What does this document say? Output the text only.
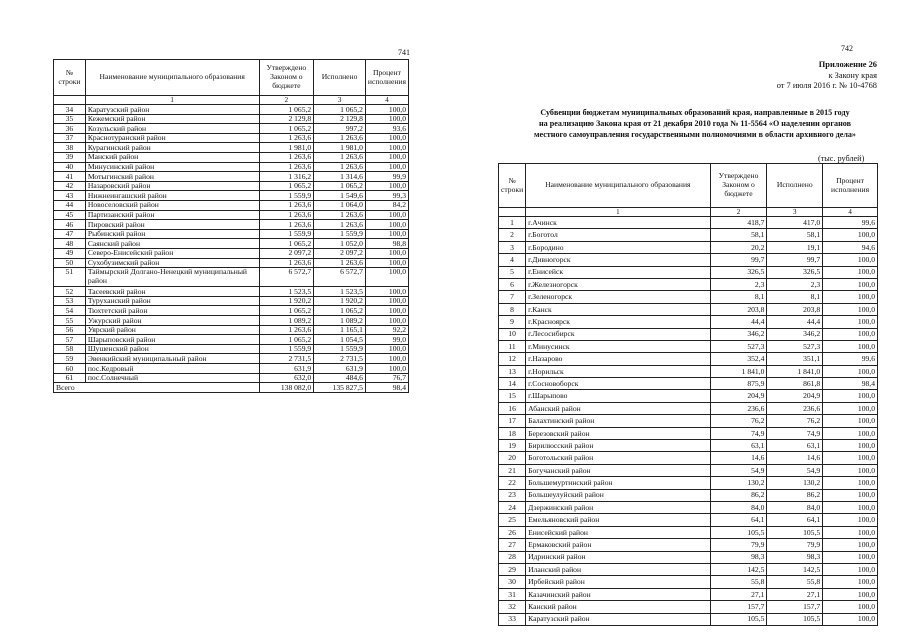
741
№ строки	Наименование муниципального образования	Утверждено Законом о бюджете	Исполнено	Процент исполнения
	1	2	3	4
34	Каратузский район	1 065,2	1 065,2	100,0
35	Кежемский район	2 129,8	2 129,8	100,0
36	Козульский район	1 065,2	997,2	93,6
37	Краснотуранский район	1 263,6	1 263,6	100,0
38	Курагинский район	1 981,0	1 981,0	100,0
39	Манский район	1 263,6	1 263,6	100,0
40	Минусинский район	1 263,6	1 263,6	100,0
41	Мотыгинский район	1 316,2	1 314,6	99,9
42	Назаровский район	1 065,2	1 065,2	100,0
43	Нижнеингашский район	1 559,9	1 549,6	99,3
44	Новоселовский район	1 263,6	1 064,0	84,2
45	Партизанский район	1 263,6	1 263,6	100,0
46	Пировский район	1 263,6	1 263,6	100,0
47	Рыбинский район	1 559,9	1 559,9	100,0
48	Саянский район	1 065,2	1 052,0	98,8
49	Северо-Енисейский район	2 097,2	2 097,2	100,0
50	Сухобузимский район	1 263,6	1 263,6	100,0
51	Таймырский Долгано-Ненецкий муниципальный район	6 572,7	6 572,7	100,0
52	Тасеевский район	1 523,5	1 523,5	100,0
53	Туруханский район	1 920,2	1 920,2	100,0
54	Тюхтетский район	1 065,2	1 065,2	100,0
55	Ужурский район	1 089,2	1 089,2	100,0
56	Уярский район	1 263,6	1 165,1	92,2
57	Шарыповский район	1 065,2	1 054,5	99,0
58	Шушенский район	1 559,9	1 559,9	100,0
59	Эвенкийский муниципальный район	2 731,5	2 731,5	100,0
60	пос.Кедровый	631,9	631,9	100,0
61	пос.Солнечный	632,0	484,6	76,7
Всего		138 082,0	135 827,5	98,4
742
Приложение 26
к Закону края
от 7 июля 2016 г. № 10-4768
Субвенции бюджетам муниципальных образований края, направленные в 2015 году
на реализацию Закона края от 21 декабря 2010 года № 11-5564 «О наделении органов
местного самоуправления государственными полномочиями в области архивного дела»
(тыс. рублей)
№ строки	Наименование муниципального образования	Утверждено Законом о бюджете	Исполнено	Процент исполнения
	1	2	3	4
1	г.Ачинск	418,7	417,0	99,6
2	г.Боготол	58,1	58,1	100,0
3	г.Бородино	20,2	19,1	94,6
4	г.Дивногорск	99,7	99,7	100,0
5	г.Енисейск	326,5	326,5	100,0
6	г.Железногорск	2,3	2,3	100,0
7	г.Зеленогорск	8,1	8,1	100,0
8	г.Канск	203,8	203,8	100,0
9	г.Красноярск	44,4	44,4	100,0
10	г.Лесосибирск	346,2	346,2	100,0
11	г.Минусинск	527,3	527,3	100,0
12	г.Назарово	352,4	351,1	99,6
13	г.Норильск	1 841,0	1 841,0	100,0
14	г.Сосновоборск	875,9	861,8	98,4
15	г.Шарыпово	204,9	204,9	100,0
16	Абанский район	236,6	236,6	100,0
17	Балахтинский район	76,2	76,2	100,0
18	Березовский район	74,9	74,9	100,0
19	Бирилюсский район	63,1	63,1	100,0
20	Боготольский район	14,6	14,6	100,0
21	Богучанский район	54,9	54,9	100,0
22	Большемуртинский район	130,2	130,2	100,0
23	Большеулуйский район	86,2	86,2	100,0
24	Дзержинский район	84,0	84,0	100,0
25	Емельяновский район	64,1	64,1	100,0
26	Енисейский район	105,5	105,5	100,0
27	Ермаковский район	79,9	79,9	100,0
28	Идринский район	98,3	98,3	100,0
29	Иланский район	142,5	142,5	100,0
30	Ирбейский район	55,8	55,8	100,0
31	Казачинский район	27,1	27,1	100,0
32	Канский район	157,7	157,7	100,0
33	Каратузский район	105,5	105,5	100,0
